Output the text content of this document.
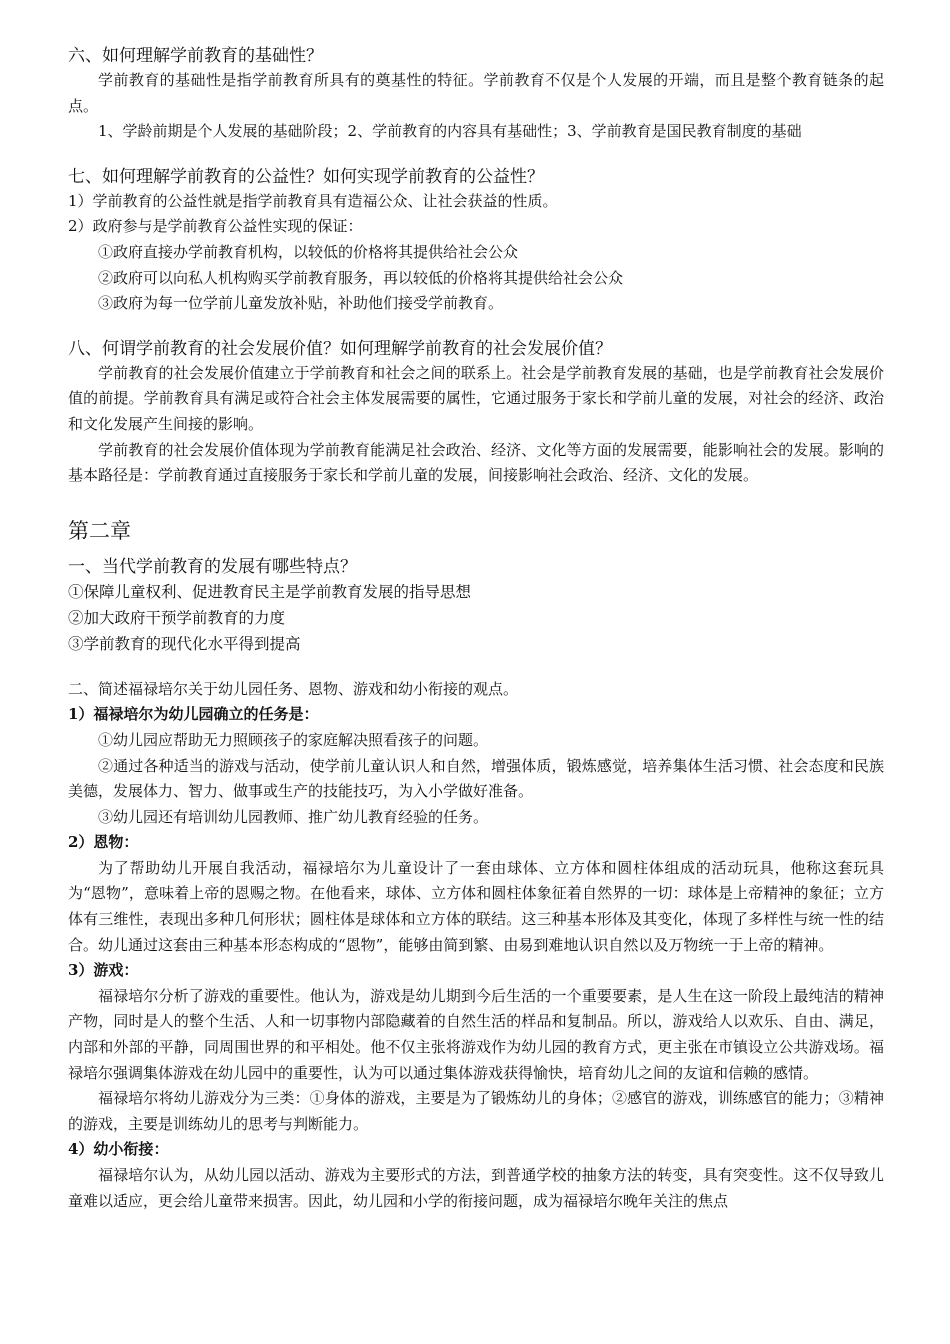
六、如何理解学前教育的基础性？

学前教育的基础性是指学前教育所具有的奠基性的特征。学前教育不仅是个人发展的开端，而且是整个教育链条的起点。

1、学龄前期是个人发展的基础阶段；2、学前教育的内容具有基础性；3、学前教育是国民教育制度的基础

七、如何理解学前教育的公益性？如何实现学前教育的公益性？

1）学前教育的公益性就是指学前教育具有造福公众、让社会获益的性质。

2）政府参与是学前教育公益性实现的保证：

①政府直接办学前教育机构，以较低的价格将其提供给社会公众

②政府可以向私人机构购买学前教育服务，再以较低的价格将其提供给社会公众

③政府为每一位学前儿童发放补贴，补助他们接受学前教育。

八、何谓学前教育的社会发展价值？如何理解学前教育的社会发展价值？

学前教育的社会发展价值建立于学前教育和社会之间的联系上。社会是学前教育发展的基础，也是学前教育社会发展价值的前提。学前教育具有满足或符合社会主体发展需要的属性，它通过服务于家长和学前儿童的发展，对社会的经济、政治和文化发展产生间接的影响。

学前教育的社会发展价值体现为学前教育能满足社会政治、经济、文化等方面的发展需要，能影响社会的发展。影响的基本路径是：学前教育通过直接服务于家长和学前儿童的发展，间接影响社会政治、经济、文化的发展。

第二章

一、当代学前教育的发展有哪些特点？

①保障儿童权利、促进教育民主是学前教育发展的指导思想

②加大政府干预学前教育的力度

③学前教育的现代化水平得到提高

二、简述福禄培尔关于幼儿园任务、恩物、游戏和幼小衔接的观点。

1）福禄培尔为幼儿园确立的任务是：

①幼儿园应帮助无力照顾孩子的家庭解决照看孩子的问题。

②通过各种适当的游戏与活动，使学前儿童认识人和自然，增强体质，锻炼感觉，培养集体生活习惯、社会态度和民族美德，发展体力、智力、做事或生产的技能技巧，为入小学做好准备。

③幼儿园还有培训幼儿园教师、推广幼儿教育经验的任务。

2）恩物：

为了帮助幼儿开展自我活动，福禄培尔为儿童设计了一套由球体、立方体和圆柱体组成的活动玩具，他称这套玩具为“恩物”，意味着上帝的恩赐之物。在他看来，球体、立方体和圆柱体象征着自然界的一切：球体是上帝精神的象征；立方体有三维性，表现出多种几何形状；圆柱体是球体和立方体的联结。这三种基本形体及其变化，体现了多样性与统一性的结合。幼儿通过这套由三种基本形态构成的“恩物”，能够由简到繁、由易到难地认识自然以及万物统一于上帝的精神。

3）游戏：

福禄培尔分析了游戏的重要性。他认为，游戏是幼儿期到今后生活的一个重要要素，是人生在这一阶段上最纯洁的精神产物，同时是人的整个生活、人和一切事物内部隐藏着的自然生活的样品和复制品。所以，游戏给人以欢乐、自由、满足，内部和外部的平静，同周围世界的和平相处。他不仅主张将游戏作为幼儿园的教育方式，更主张在市镇设立公共游戏场。福禄培尔强调集体游戏在幼儿园中的重要性，认为可以通过集体游戏获得愉快，培育幼儿之间的友谊和信赖的感情。

福禄培尔将幼儿游戏分为三类：①身体的游戏，主要是为了锻炼幼儿的身体；②感官的游戏，训练感官的能力；③精神的游戏，主要是训练幼儿的思考与判断能力。

4）幼小衔接：

福禄培尔认为，从幼儿园以活动、游戏为主要形式的方法，到普通学校的抽象方法的转变，具有突变性。这不仅导致儿童难以适应，更会给儿童带来损害。因此，幼儿园和小学的衔接问题，成为福禄培尔晚年关注的焦点
